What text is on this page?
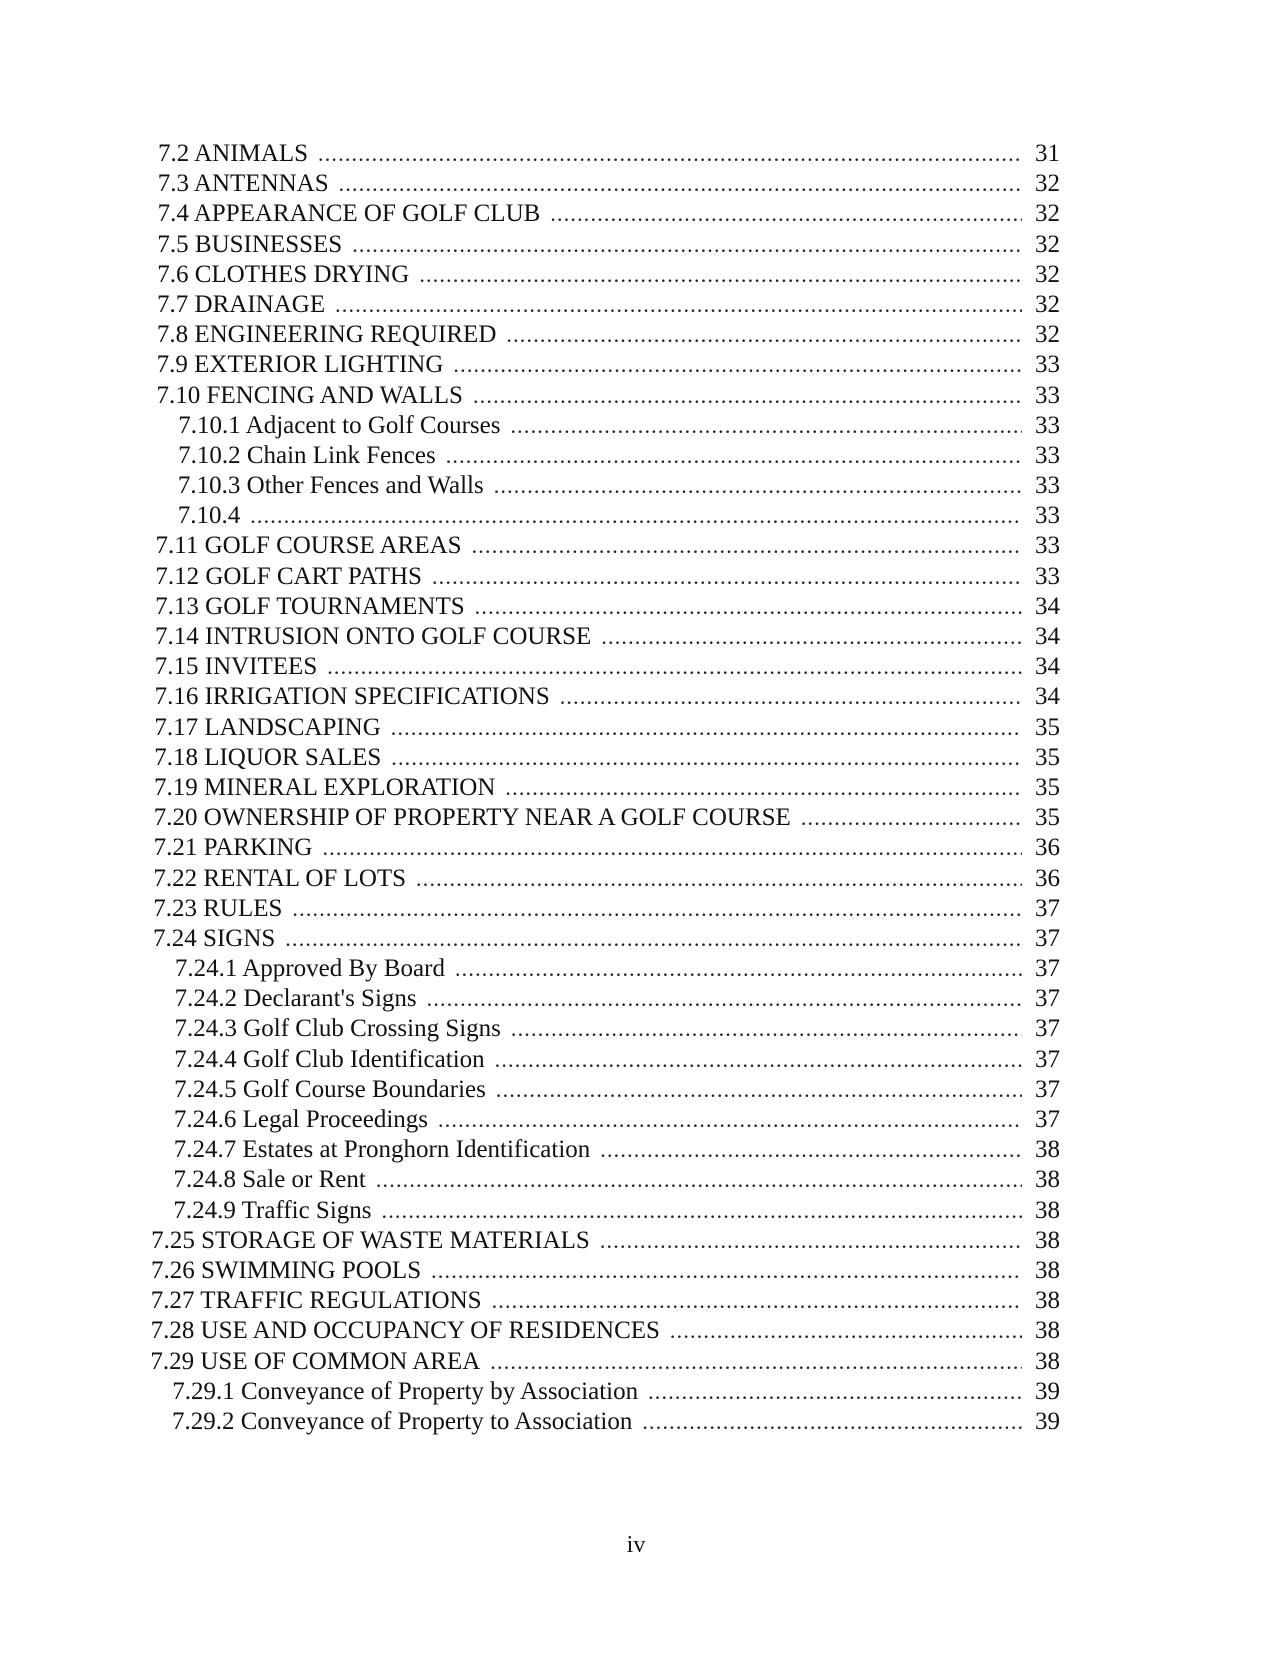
7.2 ANIMALS .....	31
7.3 ANTENNAS .....	32
7.4 APPEARANCE OF GOLF CLUB .....	32
7.5 BUSINESSES .....	32
7.6 CLOTHES DRYING .....	32
7.7 DRAINAGE .....	32
7.8 ENGINEERING REQUIRED .....	32
7.9 EXTERIOR LIGHTING .....	33
7.10 FENCING AND WALLS .....	33
7.10.1 Adjacent to Golf Courses .....	33
7.10.2 Chain Link Fences .....	33
7.10.3 Other Fences and Walls .....	33
7.10.4 .....	33
7.11 GOLF COURSE AREAS .....	33
7.12 GOLF CART PATHS .....	33
7.13 GOLF TOURNAMENTS .....	34
7.14 INTRUSION ONTO GOLF COURSE .....	34
7.15 INVITEES .....	34
7.16 IRRIGATION SPECIFICATIONS .....	34
7.17 LANDSCAPING .....	35
7.18 LIQUOR SALES .....	35
7.19 MINERAL EXPLORATION .....	35
7.20 OWNERSHIP OF PROPERTY NEAR A GOLF COURSE .....	35
7.21 PARKING .....	36
7.22 RENTAL OF LOTS .....	36
7.23 RULES .....	37
7.24 SIGNS .....	37
7.24.1 Approved By Board .....	37
7.24.2 Declarant's Signs .....	37
7.24.3 Golf Club Crossing Signs .....	37
7.24.4 Golf Club Identification .....	37
7.24.5 Golf Course Boundaries .....	37
7.24.6 Legal Proceedings .....	37
7.24.7 Estates at Pronghorn Identification .....	38
7.24.8 Sale or Rent .....	38
7.24.9 Traffic Signs .....	38
7.25 STORAGE OF WASTE MATERIALS .....	38
7.26 SWIMMING POOLS .....	38
7.27 TRAFFIC REGULATIONS .....	38
7.28 USE AND OCCUPANCY OF RESIDENCES .....	38
7.29 USE OF COMMON AREA .....	38
7.29.1 Conveyance of Property by Association .....	39
7.29.2 Conveyance of Property to Association .....	39
iv
